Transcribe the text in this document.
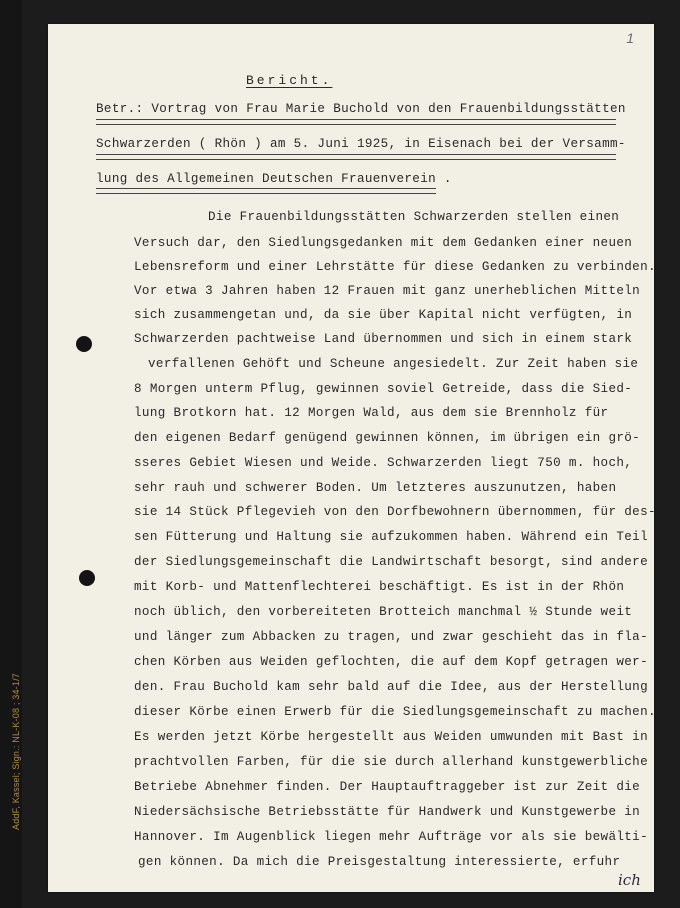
AddF, Kassel; Sign.: NL-K-08 ; 34-1/7
1
Bericht.
Betr.: Vortrag von Frau Marie Buchold von den Frauenbildungsstätten
Schwarzerden ( Rhön ) am 5. Juni 1925, in Eisenach bei der Versamm-
lung des Allgemeinen Deutschen Frauenverein .
Die Frauenbildungsstätten Schwarzerden stellen einen
Versuch dar, den Siedlungsgedanken mit dem Gedanken einer neuen
Lebensreform und einer Lehrstätte für diese Gedanken zu verbinden.
Vor etwa 3 Jahren haben 12 Frauen mit ganz unerheblichen Mitteln
sich zusammengetan und, da sie über Kapital nicht verfügten, in
Schwarzerden pachtweise Land übernommen und sich in einem stark
verfallenen Gehöft und Scheune angesiedelt. Zur Zeit haben sie
8 Morgen unterm Pflug, gewinnen soviel Getreide, dass die Sied-
lung Brotkorn hat. 12 Morgen Wald, aus dem sie Brennholz für
den eigenen Bedarf genügend gewinnen können, im übrigen ein grö-
sseres Gebiet Wiesen und Weide. Schwarzerden liegt 750 m. hoch,
sehr rauh und schwerer Boden. Um letzteres auszunutzen, haben
sie 14 Stück Pflegevieh von den Dorfbewohnern übernommen, für des-
sen Fütterung und Haltung sie aufzukommen haben. Während ein Teil
der Siedlungsgemeinschaft die Landwirtschaft besorgt, sind andere
mit Korb- und Mattenflechterei beschäftigt. Es ist in der Rhön
noch üblich, den vorbereiteten Brotteich manchmal ½ Stunde weit
und länger zum Abbacken zu tragen, und zwar geschieht das in fla-
chen Körben aus Weiden geflochten, die auf dem Kopf getragen wer-
den. Frau Buchold kam sehr bald auf die Idee, aus der Herstellung
dieser Körbe einen Erwerb für die Siedlungsgemeinschaft zu machen.
Es werden jetzt Körbe hergestellt aus Weiden umwunden mit Bast in
prachtvollen Farben, für die sie durch allerhand kunstgewerbliche
Betriebe Abnehmer finden. Der Hauptauftraggeber ist zur Zeit die
Niedersächsische Betriebsstätte für Handwerk und Kunstgewerbe in
Hannover. Im Augenblick liegen mehr Aufträge vor als sie bewälti-
gen können. Da mich die Preisgestaltung interessierte, erfuhr
ich
